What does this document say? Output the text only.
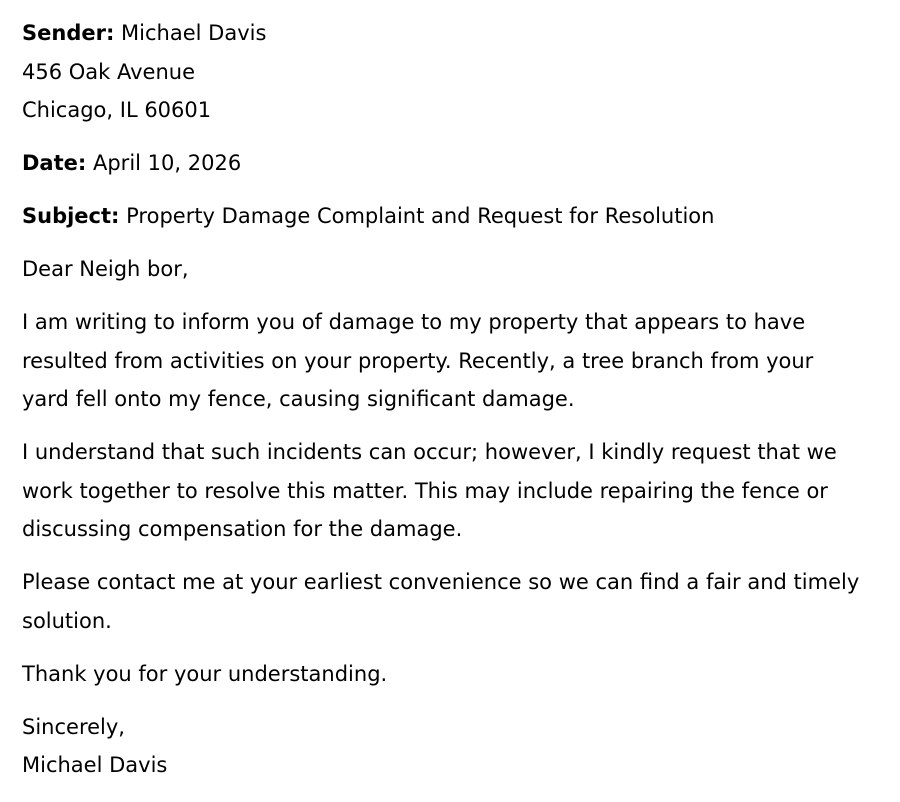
Sender: Michael Davis
456 Oak Avenue
Chicago, IL 60601
Date: April 10, 2026
Subject: Property Damage Complaint and Request for Resolution
Dear Neigh bor,
I am writing to inform you of damage to my property that appears to have
resulted from activities on your property. Recently, a tree branch from your
yard fell onto my fence, causing significant damage.
I understand that such incidents can occur; however, I kindly request that we
work together to resolve this matter. This may include repairing the fence or
discussing compensation for the damage.
Please contact me at your earliest convenience so we can find a fair and timely
solution.
Thank you for your understanding.
Sincerely,
Michael Davis
